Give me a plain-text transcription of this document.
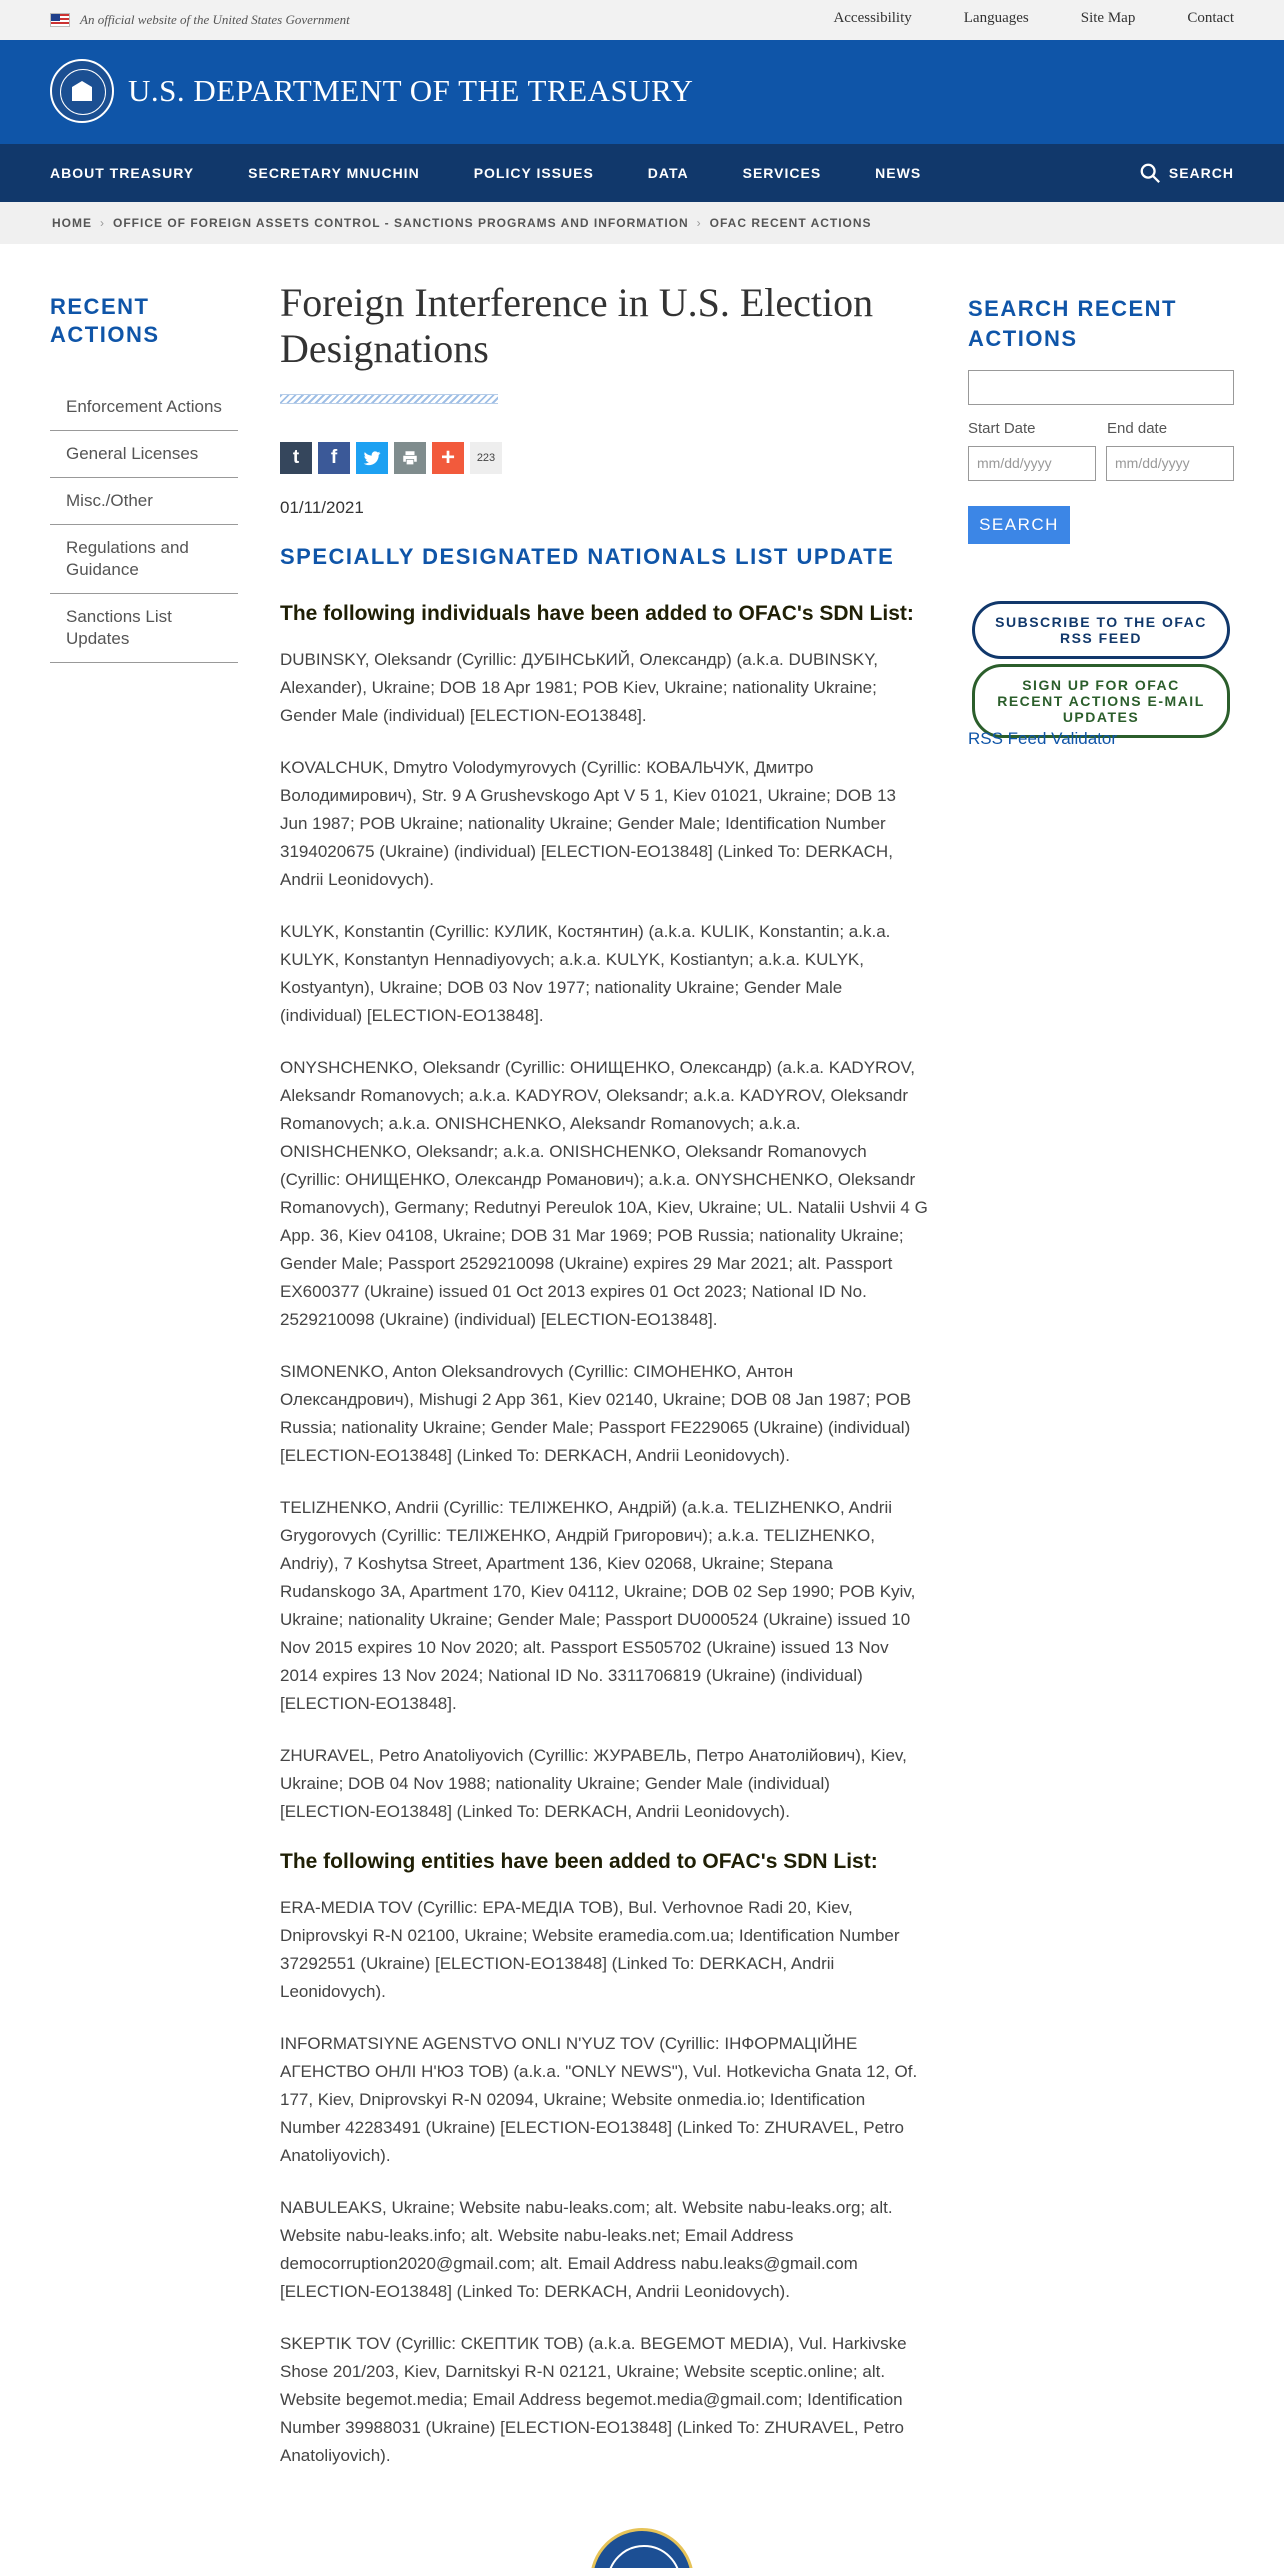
An official website of the United States Government	Accessibility	Languages	Site Map	Contact
U.S. DEPARTMENT OF THE TREASURY
ABOUT TREASURY	SECRETARY MNUCHIN	POLICY ISSUES	DATA	SERVICES	NEWS	SEARCH
HOME › OFFICE OF FOREIGN ASSETS CONTROL - SANCTIONS PROGRAMS AND INFORMATION › OFAC RECENT ACTIONS
RECENT ACTIONS
Enforcement Actions
General Licenses
Misc./Other
Regulations and Guidance
Sanctions List Updates
Foreign Interference in U.S. Election Designations
t	f	+	223
01/11/2021
SPECIALLY DESIGNATED NATIONALS LIST UPDATE
The following individuals have been added to OFAC's SDN List:

DUBINSKY, Oleksandr (Cyrillic: ДУБІНСЬКИЙ, Олександр) (a.k.a. DUBINSKY, Alexander), Ukraine; DOB 18 Apr 1981; POB Kiev, Ukraine; nationality Ukraine; Gender Male (individual) [ELECTION-EO13848].

KOVALCHUK, Dmytro Volodymyrovych (Cyrillic: КОВАЛЬЧУК, Дмитро Володимирович), Str. 9 A Grushevskogo Apt V 5 1, Kiev 01021, Ukraine; DOB 13 Jun 1987; POB Ukraine; nationality Ukraine; Gender Male; Identification Number 3194020675 (Ukraine) (individual) [ELECTION-EO13848] (Linked To: DERKACH, Andrii Leonidovych).

KULYK, Konstantin (Cyrillic: КУЛИК, Костянтин) (a.k.a. KULIK, Konstantin; a.k.a. KULYK, Konstantyn Hennadiyovych; a.k.a. KULYK, Kostiantyn; a.k.a. KULYK, Kostyantyn), Ukraine; DOB 03 Nov 1977; nationality Ukraine; Gender Male (individual) [ELECTION-EO13848].

ONYSHCHENKO, Oleksandr (Cyrillic: ОНИЩЕНКО, Олександр) (a.k.a. KADYROV, Aleksandr Romanovych; a.k.a. KADYROV, Oleksandr; a.k.a. KADYROV, Oleksandr Romanovych; a.k.a. ONISHCHENKO, Aleksandr Romanovych; a.k.a. ONISHCHENKO, Oleksandr; a.k.a. ONISHCHENKO, Oleksandr Romanovych (Cyrillic: ОНИЩЕНКО, Олександр Романович); a.k.a. ONYSHCHENKO, Oleksandr Romanovych), Germany; Redutnyi Pereulok 10A, Kiev, Ukraine; UL. Natalii Ushvii 4 G App. 36, Kiev 04108, Ukraine; DOB 31 Mar 1969; POB Russia; nationality Ukraine; Gender Male; Passport 2529210098 (Ukraine) expires 29 Mar 2021; alt. Passport EX600377 (Ukraine) issued 01 Oct 2013 expires 01 Oct 2023; National ID No. 2529210098 (Ukraine) (individual) [ELECTION-EO13848].

SIMONENKO, Anton Oleksandrovych (Cyrillic: СІМОНЕНКО, Антон Олександрович), Mishugi 2 App 361, Kiev 02140, Ukraine; DOB 08 Jan 1987; POB Russia; nationality Ukraine; Gender Male; Passport FE229065 (Ukraine) (individual) [ELECTION-EO13848] (Linked To: DERKACH, Andrii Leonidovych).

TELIZHENKO, Andrii (Cyrillic: ТЕЛІЖЕНКО, Андрій) (a.k.a. TELIZHENKO, Andrii Grygorovych (Cyrillic: ТЕЛІЖЕНКО, Андрій Григорович); a.k.a. TELIZHENKO, Andriy), 7 Koshytsa Street, Apartment 136, Kiev 02068, Ukraine; Stepana Rudanskogo 3A, Apartment 170, Kiev 04112, Ukraine; DOB 02 Sep 1990; POB Kyiv, Ukraine; nationality Ukraine; Gender Male; Passport DU000524 (Ukraine) issued 10 Nov 2015 expires 10 Nov 2020; alt. Passport ES505702 (Ukraine) issued 13 Nov 2014 expires 13 Nov 2024; National ID No. 3311706819 (Ukraine) (individual) [ELECTION-EO13848].

ZHURAVEL, Petro Anatoliyovich (Cyrillic: ЖУРАВЕЛЬ, Петро Анатолійович), Kiev, Ukraine; DOB 04 Nov 1988; nationality Ukraine; Gender Male (individual) [ELECTION-EO13848] (Linked To: DERKACH, Andrii Leonidovych).

The following entities have been added to OFAC's SDN List:

ERA-MEDIA TOV (Cyrillic: ЕРА-МЕДІА ТОВ), Bul. Verhovnoe Radi 20, Kiev, Dniprovskyi R-N 02100, Ukraine; Website eramedia.com.ua; Identification Number 37292551 (Ukraine) [ELECTION-EO13848] (Linked To: DERKACH, Andrii Leonidovych).

INFORMATSIYNE AGENSTVO ONLI N'YUZ TOV (Cyrillic: ІНФОРМАЦІЙНЕ АГЕНСТВО ОНЛІ Н'ЮЗ ТОВ) (a.k.a. "ONLY NEWS"), Vul. Hotkevicha Gnata 12, Of. 177, Kiev, Dniprovskyi R-N 02094, Ukraine; Website onmedia.io; Identification Number 42283491 (Ukraine) [ELECTION-EO13848] (Linked To: ZHURAVEL, Petro Anatoliyovich).

NABULEAKS, Ukraine; Website nabu-leaks.com; alt. Website nabu-leaks.org; alt. Website nabu-leaks.info; alt. Website nabu-leaks.net; Email Address democorruption2020@gmail.com; alt. Email Address nabu.leaks@gmail.com [ELECTION-EO13848] (Linked To: DERKACH, Andrii Leonidovych).

SKEPTIK TOV (Cyrillic: СКЕПТИК ТОВ) (a.k.a. BEGEMOT MEDIA), Vul. Harkivske Shose 201/203, Kiev, Darnitskyi R-N 02121, Ukraine; Website sceptic.online; alt. Website begemot.media; Email Address begemot.media@gmail.com; Identification Number 39988031 (Ukraine) [ELECTION-EO13848] (Linked To: ZHURAVEL, Petro Anatoliyovich).

SEARCH RECENT ACTIONS
Start Date	End date
mm/dd/yyyy	mm/dd/yyyy
SEARCH
SUBSCRIBE TO THE OFAC RSS FEED
SIGN UP FOR OFAC RECENT ACTIONS E-MAIL UPDATES
RSS Feed Validator
